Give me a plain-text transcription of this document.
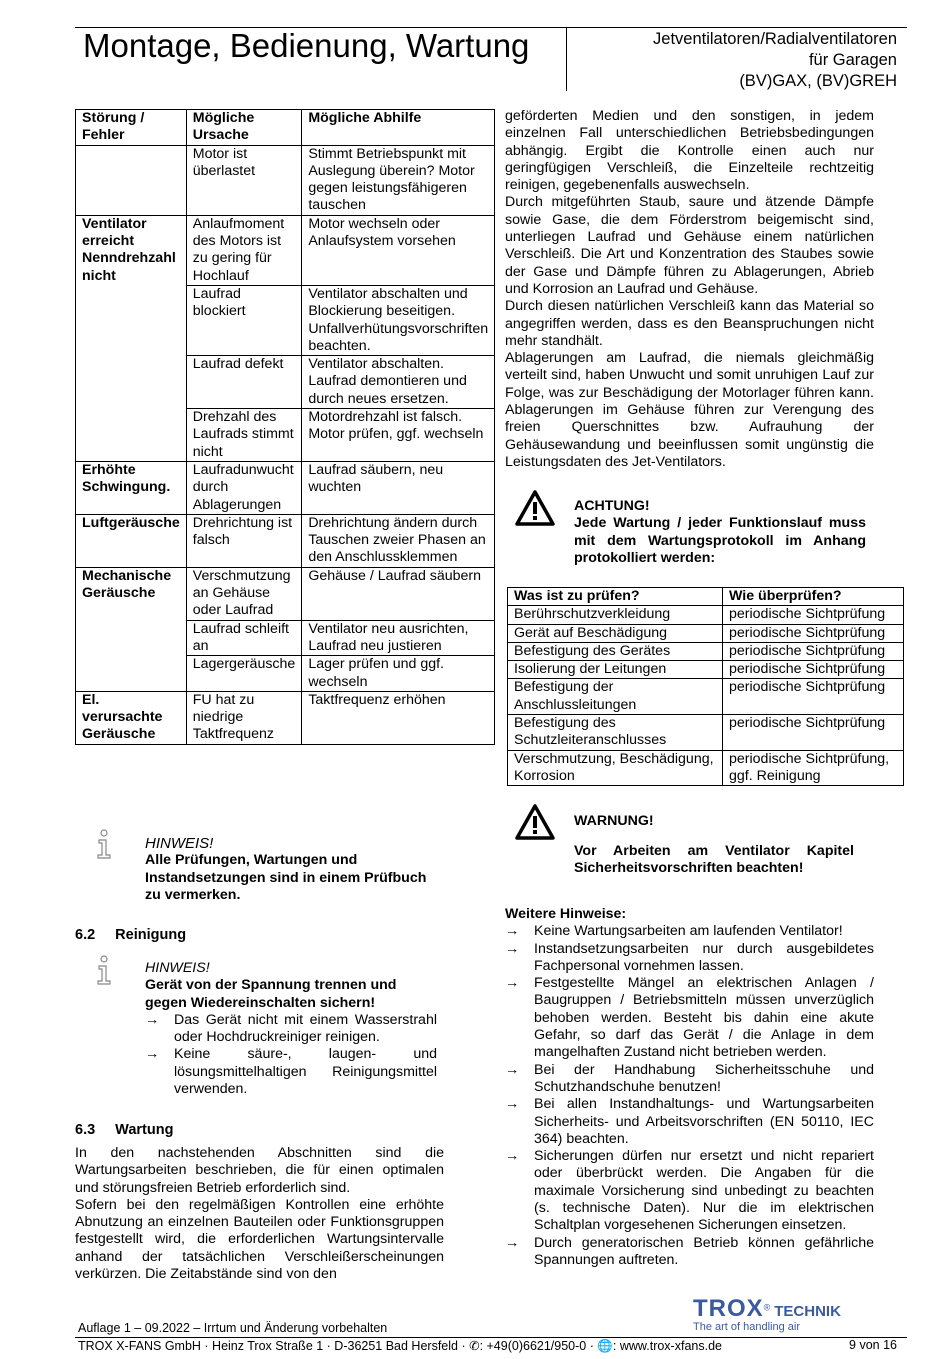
Montage, Bedienung, Wartung	Jetventilatoren/Radialventilatoren
für Garagen
(BV)GAX, (BV)GREH
Störung / Fehler	Mögliche Ursache	Mögliche Abhilfe
	Motor ist überlastet	Stimmt Betriebspunkt mit Auslegung überein? Motor gegen leistungsfähigeren tauschen
Ventilator erreicht Nenndrehzahl nicht	Anlaufmoment des Motors ist zu gering für Hochlauf	Motor wechseln oder Anlaufsystem vorsehen
	Laufrad blockiert	Ventilator abschalten und Blockierung beseitigen. Unfallverhütungsvorschriften beachten.
	Laufrad defekt	Ventilator abschalten. Laufrad demontieren und durch neues ersetzen.
	Drehzahl des Laufrads stimmt nicht	Motordrehzahl ist falsch. Motor prüfen, ggf. wechseln
Erhöhte Schwingung.	Laufradunwucht durch Ablagerungen	Laufrad säubern, neu wuchten
Luftgeräusche	Drehrichtung ist falsch	Drehrichtung ändern durch Tauschen zweier Phasen an den Anschlussklemmen
Mechanische Geräusche	Verschmutzung an Gehäuse oder Laufrad	Gehäuse / Laufrad säubern
	Laufrad schleift an	Ventilator neu ausrichten, Laufrad neu justieren
	Lagergeräusche	Lager prüfen und ggf. wechseln
El. verursachte Geräusche	FU hat zu niedrige Taktfrequenz	Taktfrequenz erhöhen
HINWEIS!
Alle Prüfungen, Wartungen und Instandsetzungen sind in einem Prüfbuch zu vermerken.
6.2 Reinigung
HINWEIS!
Gerät von der Spannung trennen und gegen Wiedereinschalten sichern!
→	Das Gerät nicht mit einem Wasserstrahl oder Hochdruckreiniger reinigen.
→	Keine säure-, laugen- und lösungsmittelhaltigen Reinigungsmittel verwenden.
6.3 Wartung
In den nachstehenden Abschnitten sind die Wartungsarbeiten beschrieben, die für einen optimalen und störungsfreien Betrieb erforderlich sind.
Sofern bei den regelmäßigen Kontrollen eine erhöhte Abnutzung an einzelnen Bauteilen oder Funktionsgruppen festgestellt wird, die erforderlichen Wartungsintervalle anhand der tatsächlichen Verschleißerscheinungen verkürzen. Die Zeitabstände sind von den
geförderten Medien und den sonstigen, in jedem einzelnen Fall unterschiedlichen Betriebsbedingungen abhängig. Ergibt die Kontrolle einen auch nur geringfügigen Verschleiß, die Einzelteile rechtzeitig reinigen, gegebenenfalls auswechseln.
Durch mitgeführten Staub, saure und ätzende Dämpfe sowie Gase, die dem Förderstrom beigemischt sind, unterliegen Laufrad und Gehäuse einem natürlichen Verschleiß. Die Art und Konzentration des Staubes sowie der Gase und Dämpfe führen zu Ablagerungen, Abrieb und Korrosion an Laufrad und Gehäuse.
Durch diesen natürlichen Verschleiß kann das Material so angegriffen werden, dass es den Beanspruchungen nicht mehr standhält.
Ablagerungen am Laufrad, die niemals gleichmäßig verteilt sind, haben Unwucht und somit unruhigen Lauf zur Folge, was zur Beschädigung der Motorlager führen kann. Ablagerungen im Gehäuse führen zur Verengung des freien Querschnittes bzw. Aufrauhung der Gehäusewandung und beeinflussen somit ungünstig die Leistungsdaten des Jet-Ventilators.
ACHTUNG!
Jede Wartung / jeder Funktionslauf muss mit dem Wartungsprotokoll im Anhang protokolliert werden:
Was ist zu prüfen?	Wie überprüfen?
Berührschutzverkleidung	periodische Sichtprüfung
Gerät auf Beschädigung	periodische Sichtprüfung
Befestigung des Gerätes	periodische Sichtprüfung
Isolierung der Leitungen	periodische Sichtprüfung
Befestigung der Anschlussleitungen	periodische Sichtprüfung
Befestigung des Schutzleiteranschlusses	periodische Sichtprüfung
Verschmutzung, Beschädigung, Korrosion	periodische Sichtprüfung, ggf. Reinigung
WARNUNG!
Vor Arbeiten am Ventilator Kapitel Sicherheitsvorschriften beachten!
Weitere Hinweise:
→	Keine Wartungsarbeiten am laufenden Ventilator!
→	Instandsetzungsarbeiten nur durch ausgebildetes Fachpersonal vornehmen lassen.
→	Festgestellte Mängel an elektrischen Anlagen / Baugruppen / Betriebsmitteln müssen unverzüglich behoben werden. Besteht bis dahin eine akute Gefahr, so darf das Gerät / die Anlage in dem mangelhaften Zustand nicht betrieben werden.
→	Bei der Handhabung Sicherheitsschuhe und Schutzhandschuhe benutzen!
→	Bei allen Instandhaltungs- und Wartungsarbeiten Sicherheits- und Arbeitsvorschriften (EN 50110, IEC 364) beachten.
→	Sicherungen dürfen nur ersetzt und nicht repariert oder überbrückt werden. Die Angaben für die maximale Vorsicherung sind unbedingt zu beachten (s. technische Daten). Nur die im elektrischen Schaltplan vorgesehenen Sicherungen einsetzen.
→	Durch generatorischen Betrieb können gefährliche Spannungen auftreten.
TROX® TECHNIK
The art of handling air
Auflage 1 – 09.2022 – Irrtum und Änderung vorbehalten
TROX X-FANS GmbH · Heinz Trox Straße 1 · D-36251 Bad Hersfeld · ✆: +49(0)6621/950-0 · 🌐: www.trox-xfans.de	9 von 16
